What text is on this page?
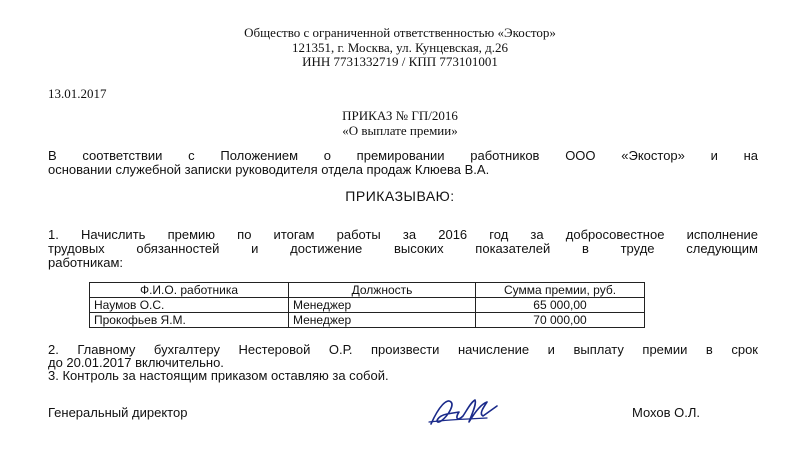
Общество с ограниченной ответственностью «Экостор»
121351, г. Москва, ул. Кунцевская, д.26
ИНН 7731332719 / КПП 773101001
13.01.2017
ПРИКАЗ № ГП/2016
«О выплате премии»
В соответствии с Положением о премировании работников ООО «Экостор» и на
основании служебной записки руководителя отдела продаж Клюева В.А.
ПРИКАЗЫВАЮ:
1. Начислить премию по итогам работы за 2016 год за добросовестное исполнение
трудовых обязанностей и достижение высоких показателей в труде следующим
работникам:
Ф.И.О. работника	Должность	Сумма премии, руб.
Наумов О.С.	Менеджер	65 000,00
Прокофьев Я.М.	Менеджер	70 000,00
2. Главному бухгалтеру Нестеровой О.Р. произвести начисление и выплату премии в срок
до 20.01.2017 включительно.
3. Контроль за настоящим приказом оставляю за собой.
Генеральный директор	Мохов О.Л.
